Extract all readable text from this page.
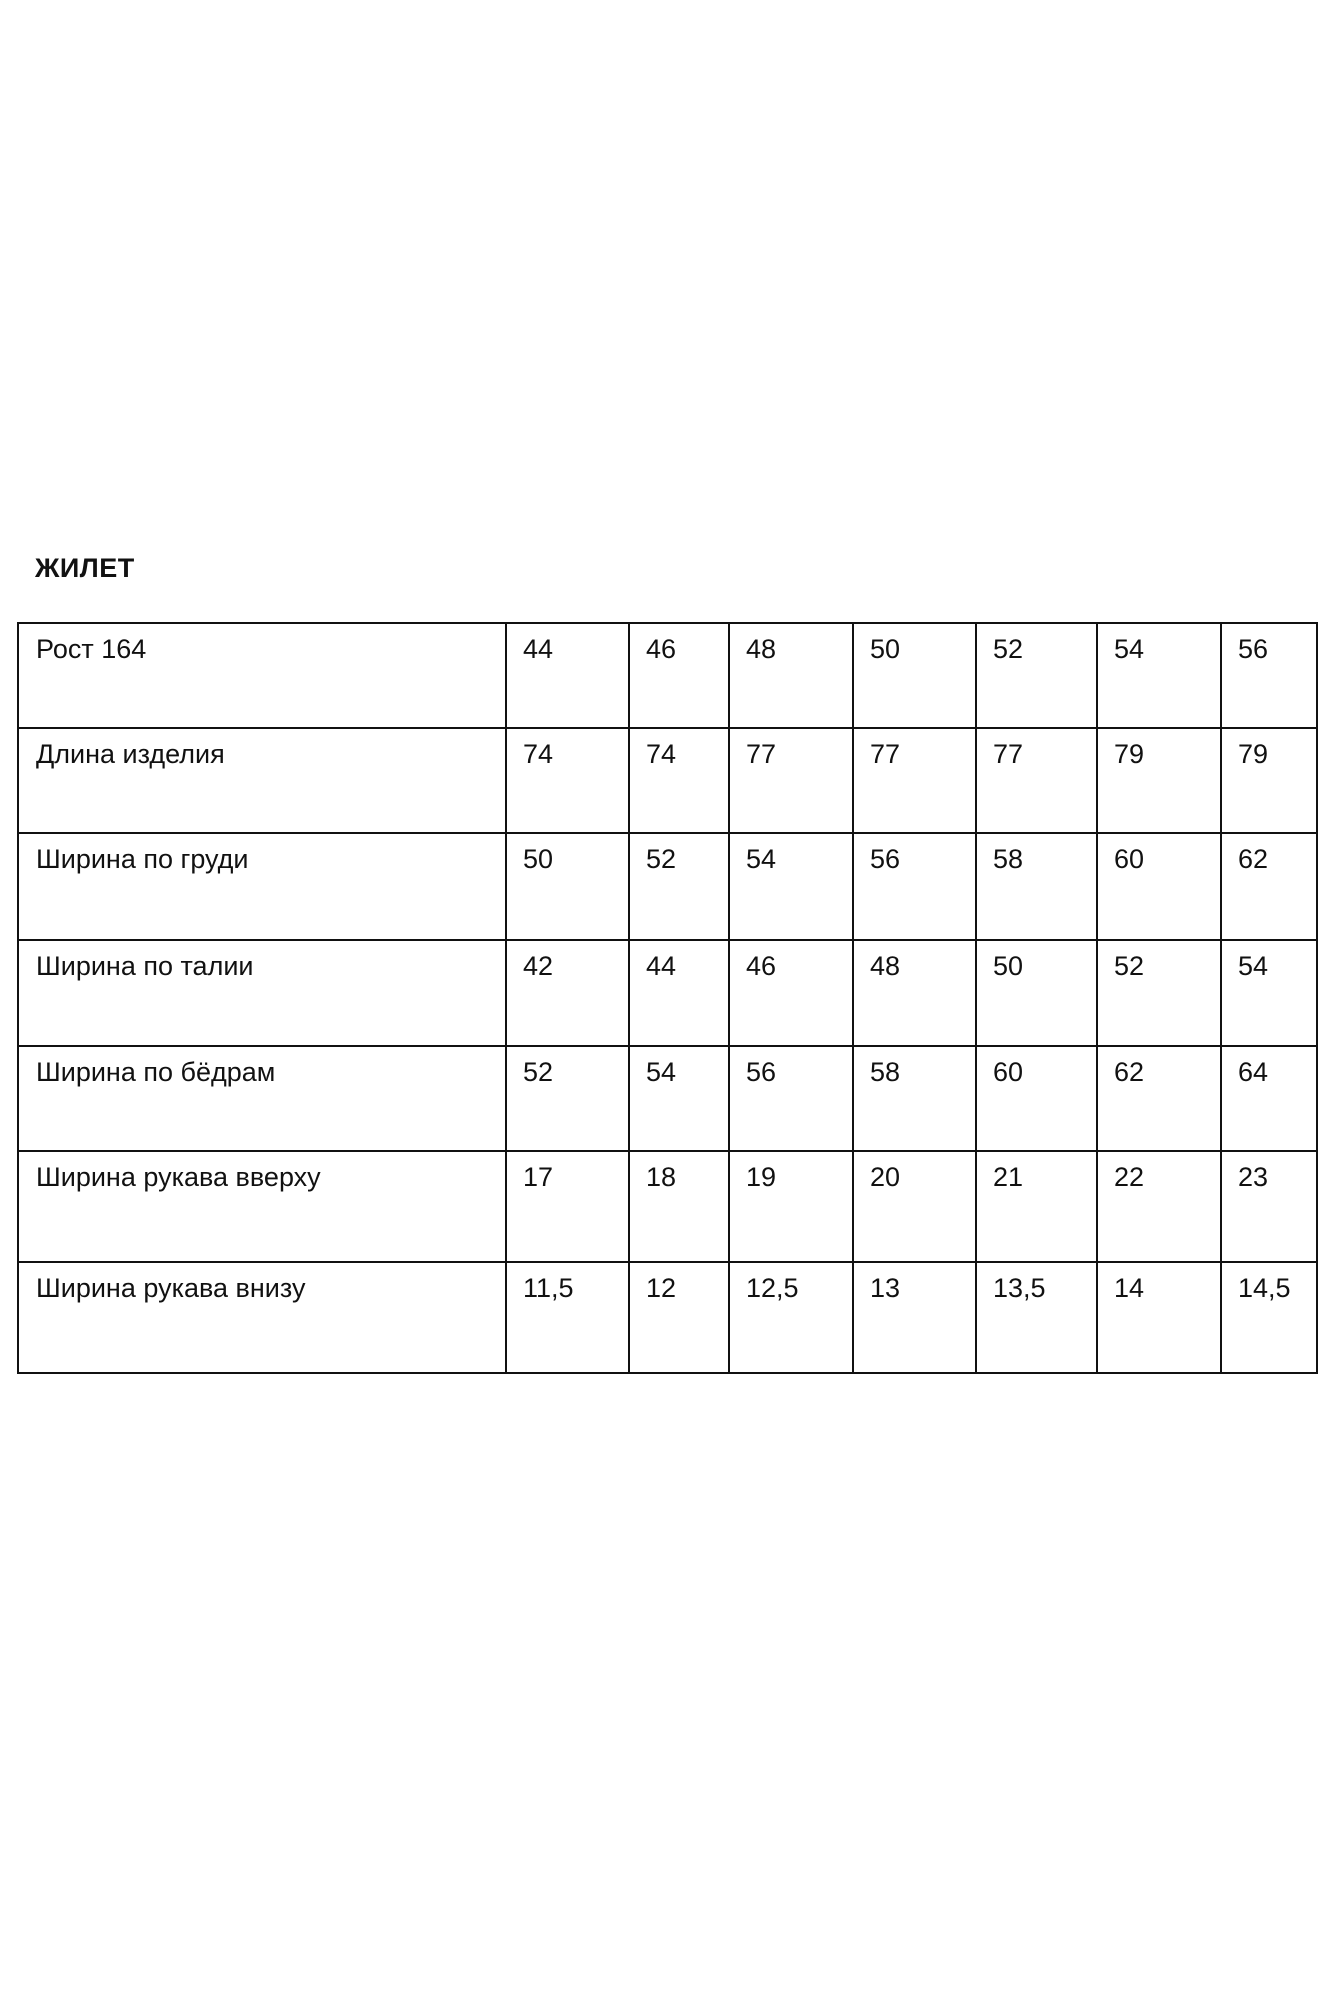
ЖИЛЕТ
Рост 164	44	46	48	50	52	54	56
Длина изделия	74	74	77	77	77	79	79
Ширина по груди	50	52	54	56	58	60	62
Ширина по талии	42	44	46	48	50	52	54
Ширина по бёдрам	52	54	56	58	60	62	64
Ширина рукава вверху	17	18	19	20	21	22	23
Ширина рукава внизу	11,5	12	12,5	13	13,5	14	14,5
